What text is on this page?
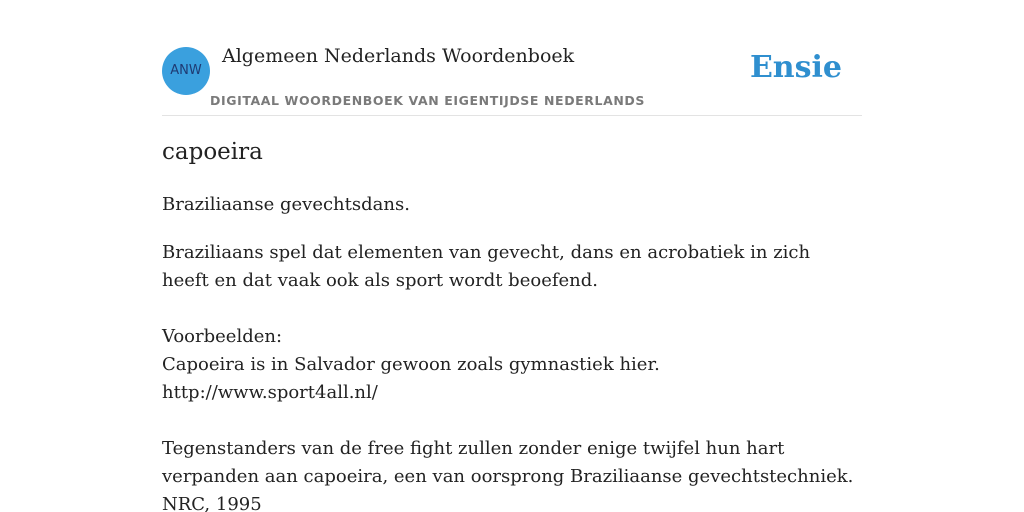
ANW
Algemeen Nederlands Woordenboek
DIGITAAL WOORDENBOEK VAN EIGENTIJDSE NEDERLANDS
Ensie
capoeira
Braziliaanse gevechtsdans.

Braziliaans spel dat elementen van gevecht, dans en acrobatiek in zich heeft en dat vaak ook als sport wordt beoefend.

Voorbeelden:

Capoeira is in Salvador gewoon zoals gymnastiek hier.

http://www.sport4all.nl/

Tegenstanders van de free fight zullen zonder enige twijfel hun hart verpanden aan capoeira, een van oorsprong Braziliaanse gevechtstechniek.

NRC, 1995
